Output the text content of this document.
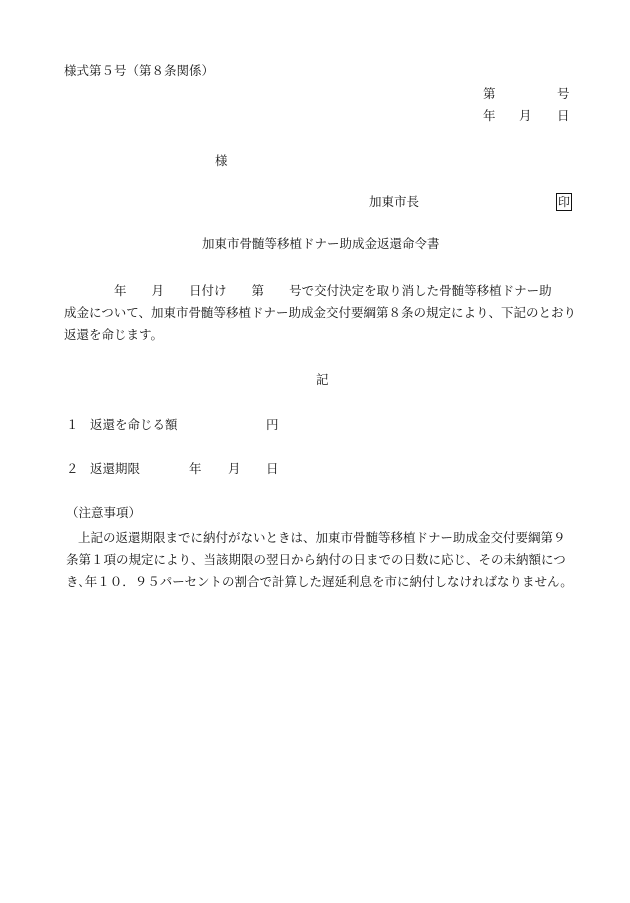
様式第５号（第８条関係）
第	号
年 月 日
様
加東市長	印
加東市骨髄等移植ドナー助成金返還命令書
年 月 日付け 第 号で交付決定を取り消した骨髄等移植ドナー助
成金について、加東市骨髄等移植ドナー助成金交付要綱第８条の規定により、下記のとおり
返還を命じます。
記
１ 返還を命じる額	円
２ 返還期限	年 月 日
（注意事項）
上記の返還期限までに納付がないときは、加東市骨髄等移植ドナー助成金交付要綱第９
条第１項の規定により、当該期限の翌日から納付の日までの日数に応じ、その未納額につ
き､年１０．９５パーセントの割合で計算した遅延利息を市に納付しなければなりません。
